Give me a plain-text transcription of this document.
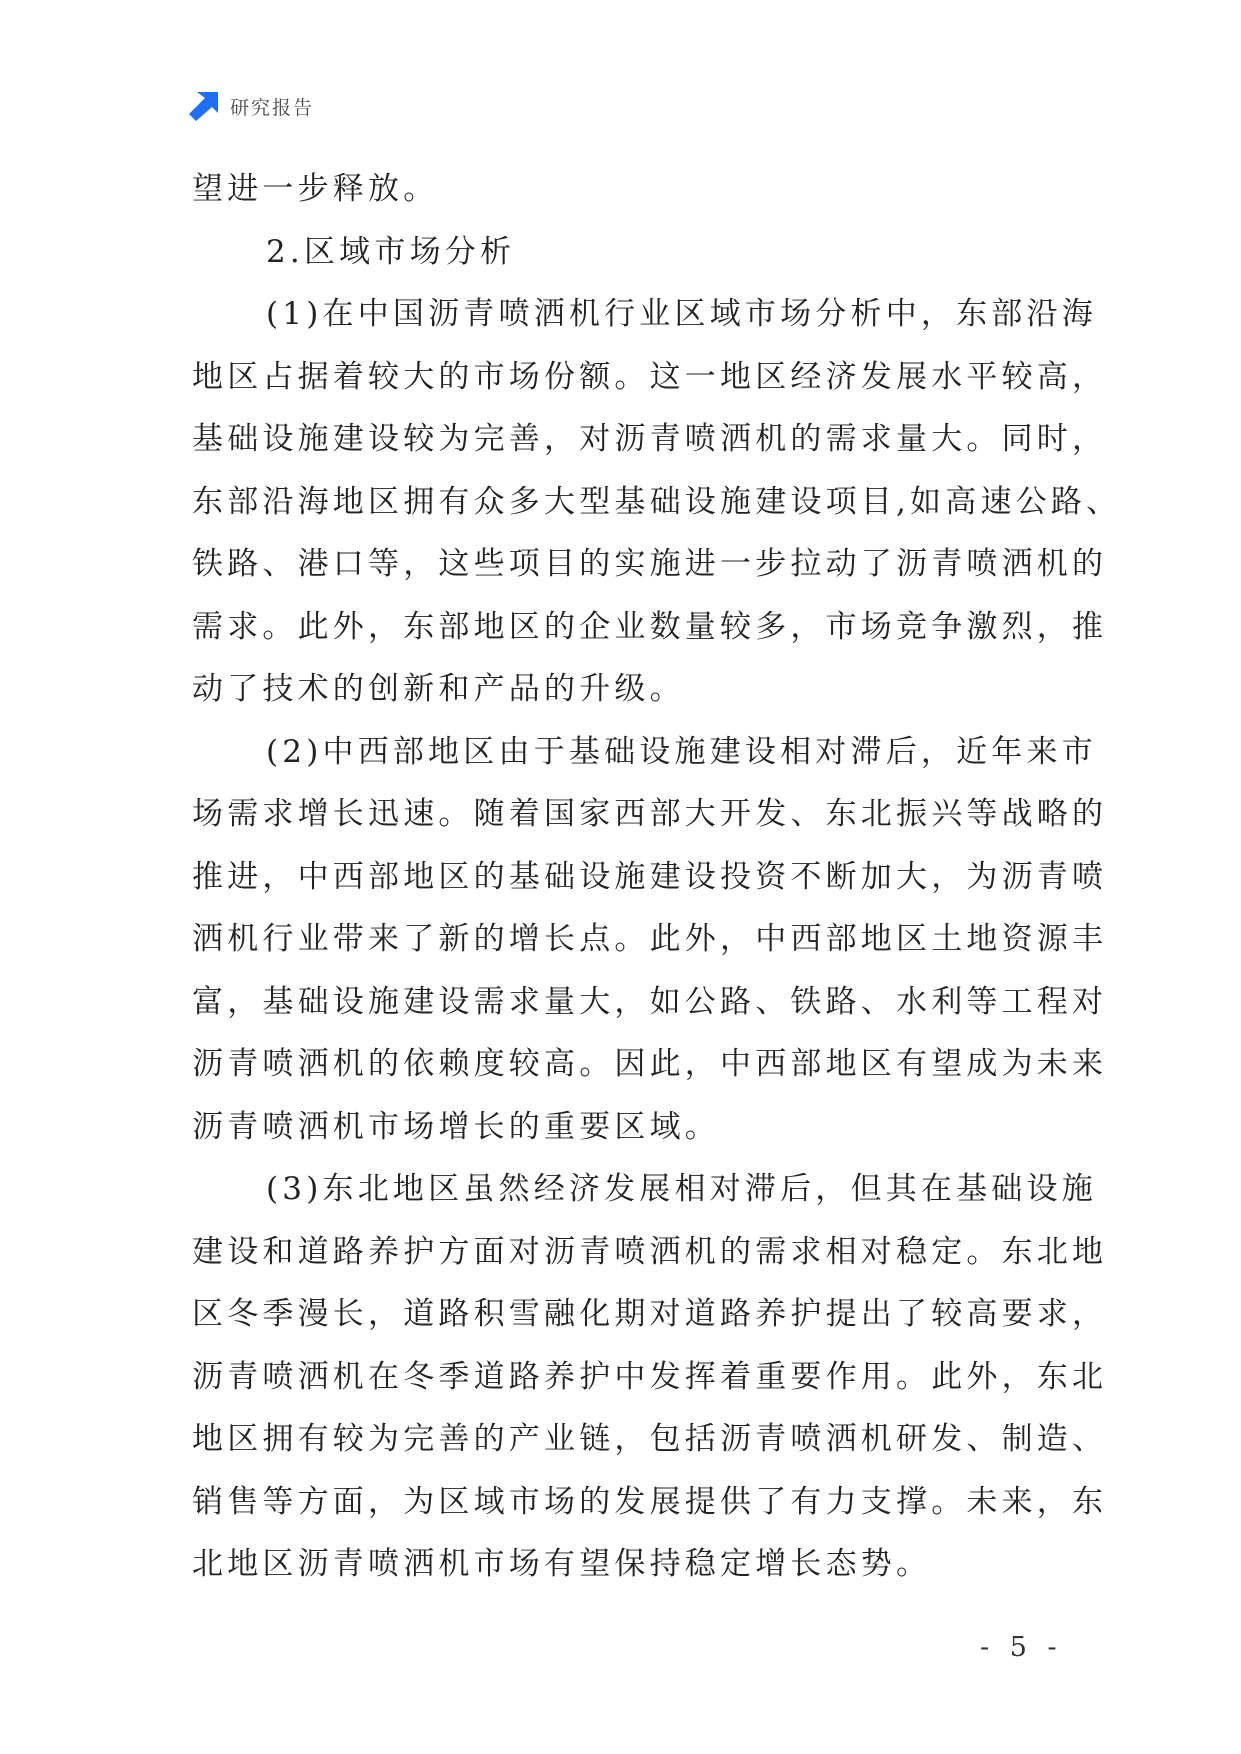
研究报告
望进一步释放。
2.区域市场分析
(1)在中国沥青喷洒机行业区域市场分析中，东部沿海
地区占据着较大的市场份额。这一地区经济发展水平较高，
基础设施建设较为完善，对沥青喷洒机的需求量大。同时，
东部沿海地区拥有众多大型基础设施建设项目,如高速公路、
铁路、港口等，这些项目的实施进一步拉动了沥青喷洒机的
需求。此外，东部地区的企业数量较多，市场竞争激烈，推
动了技术的创新和产品的升级。
(2)中西部地区由于基础设施建设相对滞后，近年来市
场需求增长迅速。随着国家西部大开发、东北振兴等战略的
推进，中西部地区的基础设施建设投资不断加大，为沥青喷
洒机行业带来了新的增长点。此外，中西部地区土地资源丰
富，基础设施建设需求量大，如公路、铁路、水利等工程对
沥青喷洒机的依赖度较高。因此，中西部地区有望成为未来
沥青喷洒机市场增长的重要区域。
(3)东北地区虽然经济发展相对滞后，但其在基础设施
建设和道路养护方面对沥青喷洒机的需求相对稳定。东北地
区冬季漫长，道路积雪融化期对道路养护提出了较高要求，
沥青喷洒机在冬季道路养护中发挥着重要作用。此外，东北
地区拥有较为完善的产业链，包括沥青喷洒机研发、制造、
销售等方面，为区域市场的发展提供了有力支撑。未来，东
北地区沥青喷洒机市场有望保持稳定增长态势。
- 5 -
